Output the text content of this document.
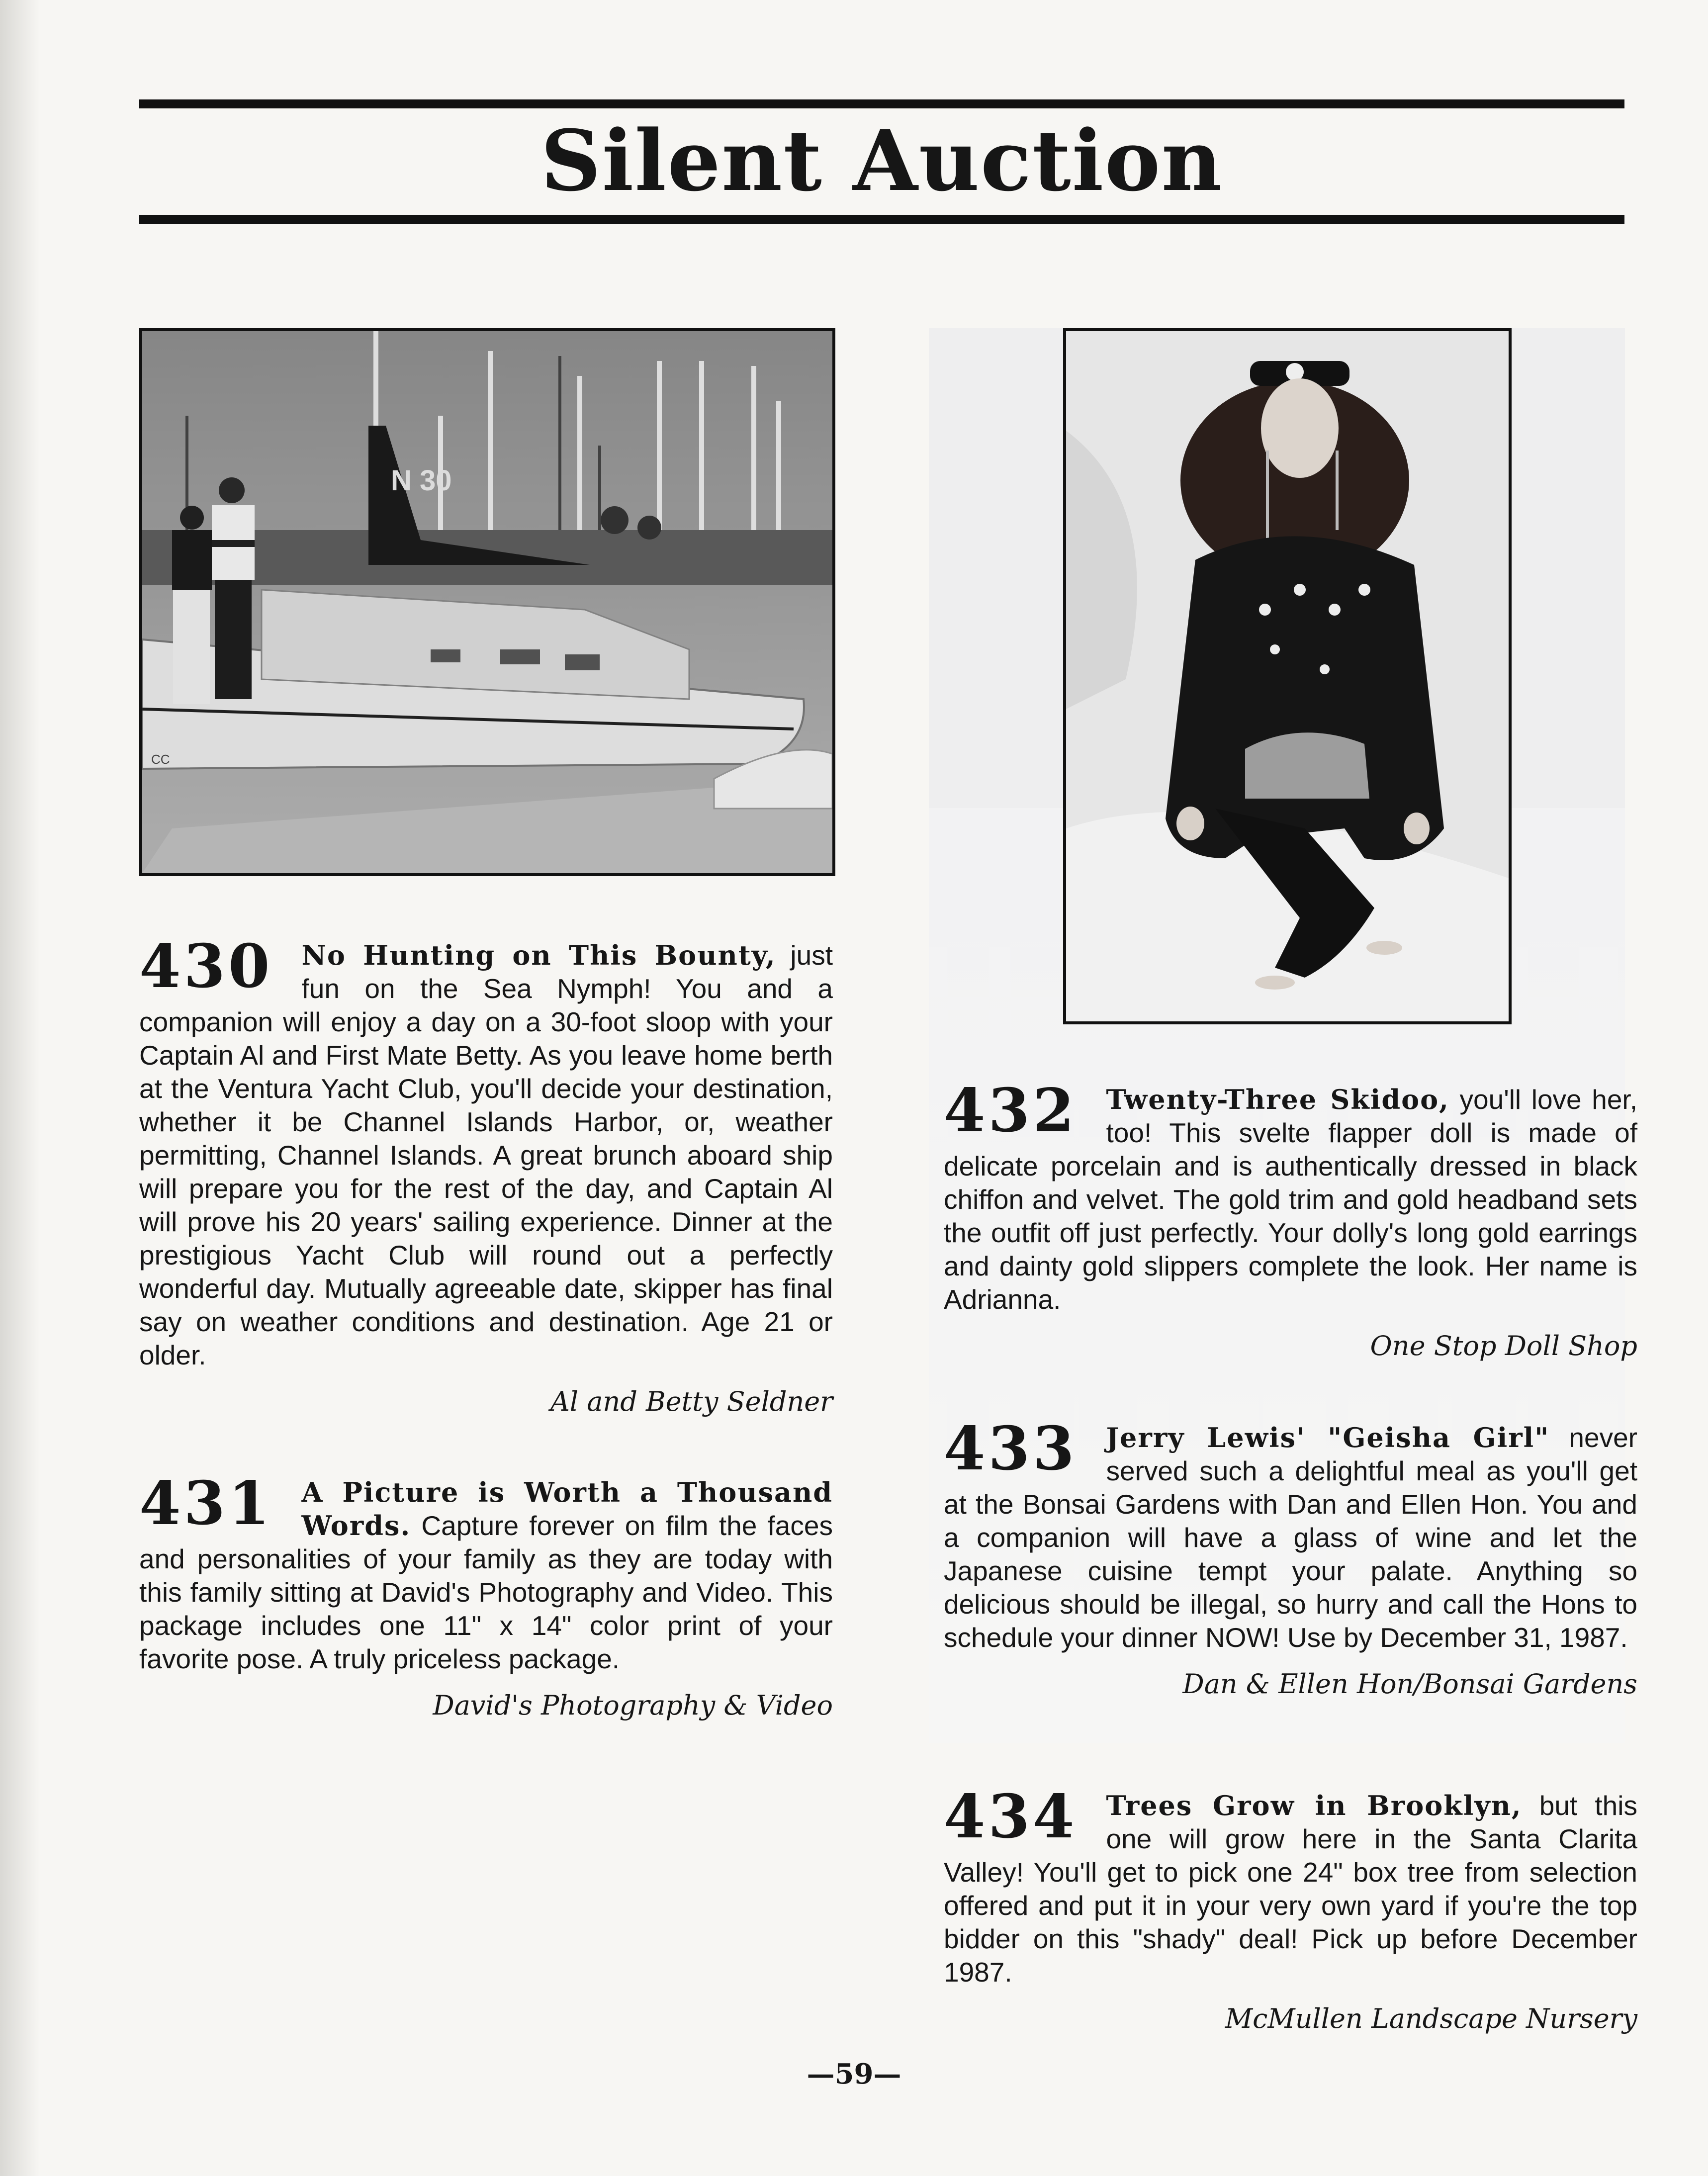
Silent Auction
N 30
CC
430	No Hunting on This Bounty, just fun on the Sea Nymph! You and a companion will enjoy a day on a 30-foot sloop with your Captain Al and First Mate Betty. As you leave home berth at the Ventura Yacht Club, you'll decide your destination, whether it be Channel Islands Harbor, or, weather permitting, Channel Islands. A great brunch aboard ship will prepare you for the rest of the day, and Captain Al will prove his 20 years' sailing experience. Dinner at the prestigious Yacht Club will round out a perfectly wonderful day. Mutually agreeable date, skipper has final say on weather conditions and destination. Age 21 or older.

Al and Betty Seldner
431	A Picture is Worth a Thousand Words. Capture forever on film the faces and personalities of your family as they are today with this family sitting at David's Photography and Video. This package includes one 11" x 14" color print of your favorite pose. A truly priceless package.

David's Photography & Video
432	Twenty-Three Skidoo, you'll love her, too! This svelte flapper doll is made of delicate porcelain and is authentically dressed in black chiffon and velvet. The gold trim and gold headband sets the outfit off just perfectly. Your dolly's long gold earrings and dainty gold slippers complete the look. Her name is Adrianna.

One Stop Doll Shop
433	Jerry Lewis' "Geisha Girl" never served such a delightful meal as you'll get at the Bonsai Gardens with Dan and Ellen Hon. You and a companion will have a glass of wine and let the Japanese cuisine tempt your palate. Anything so delicious should be illegal, so hurry and call the Hons to schedule your dinner NOW! Use by December 31, 1987.

Dan & Ellen Hon/Bonsai Gardens
434	Trees Grow in Brooklyn, but this one will grow here in the Santa Clarita Valley! You'll get to pick one 24" box tree from selection offered and put it in your very own yard if you're the top bidder on this "shady" deal! Pick up before December 1987.

McMullen Landscape Nursery
—59—
